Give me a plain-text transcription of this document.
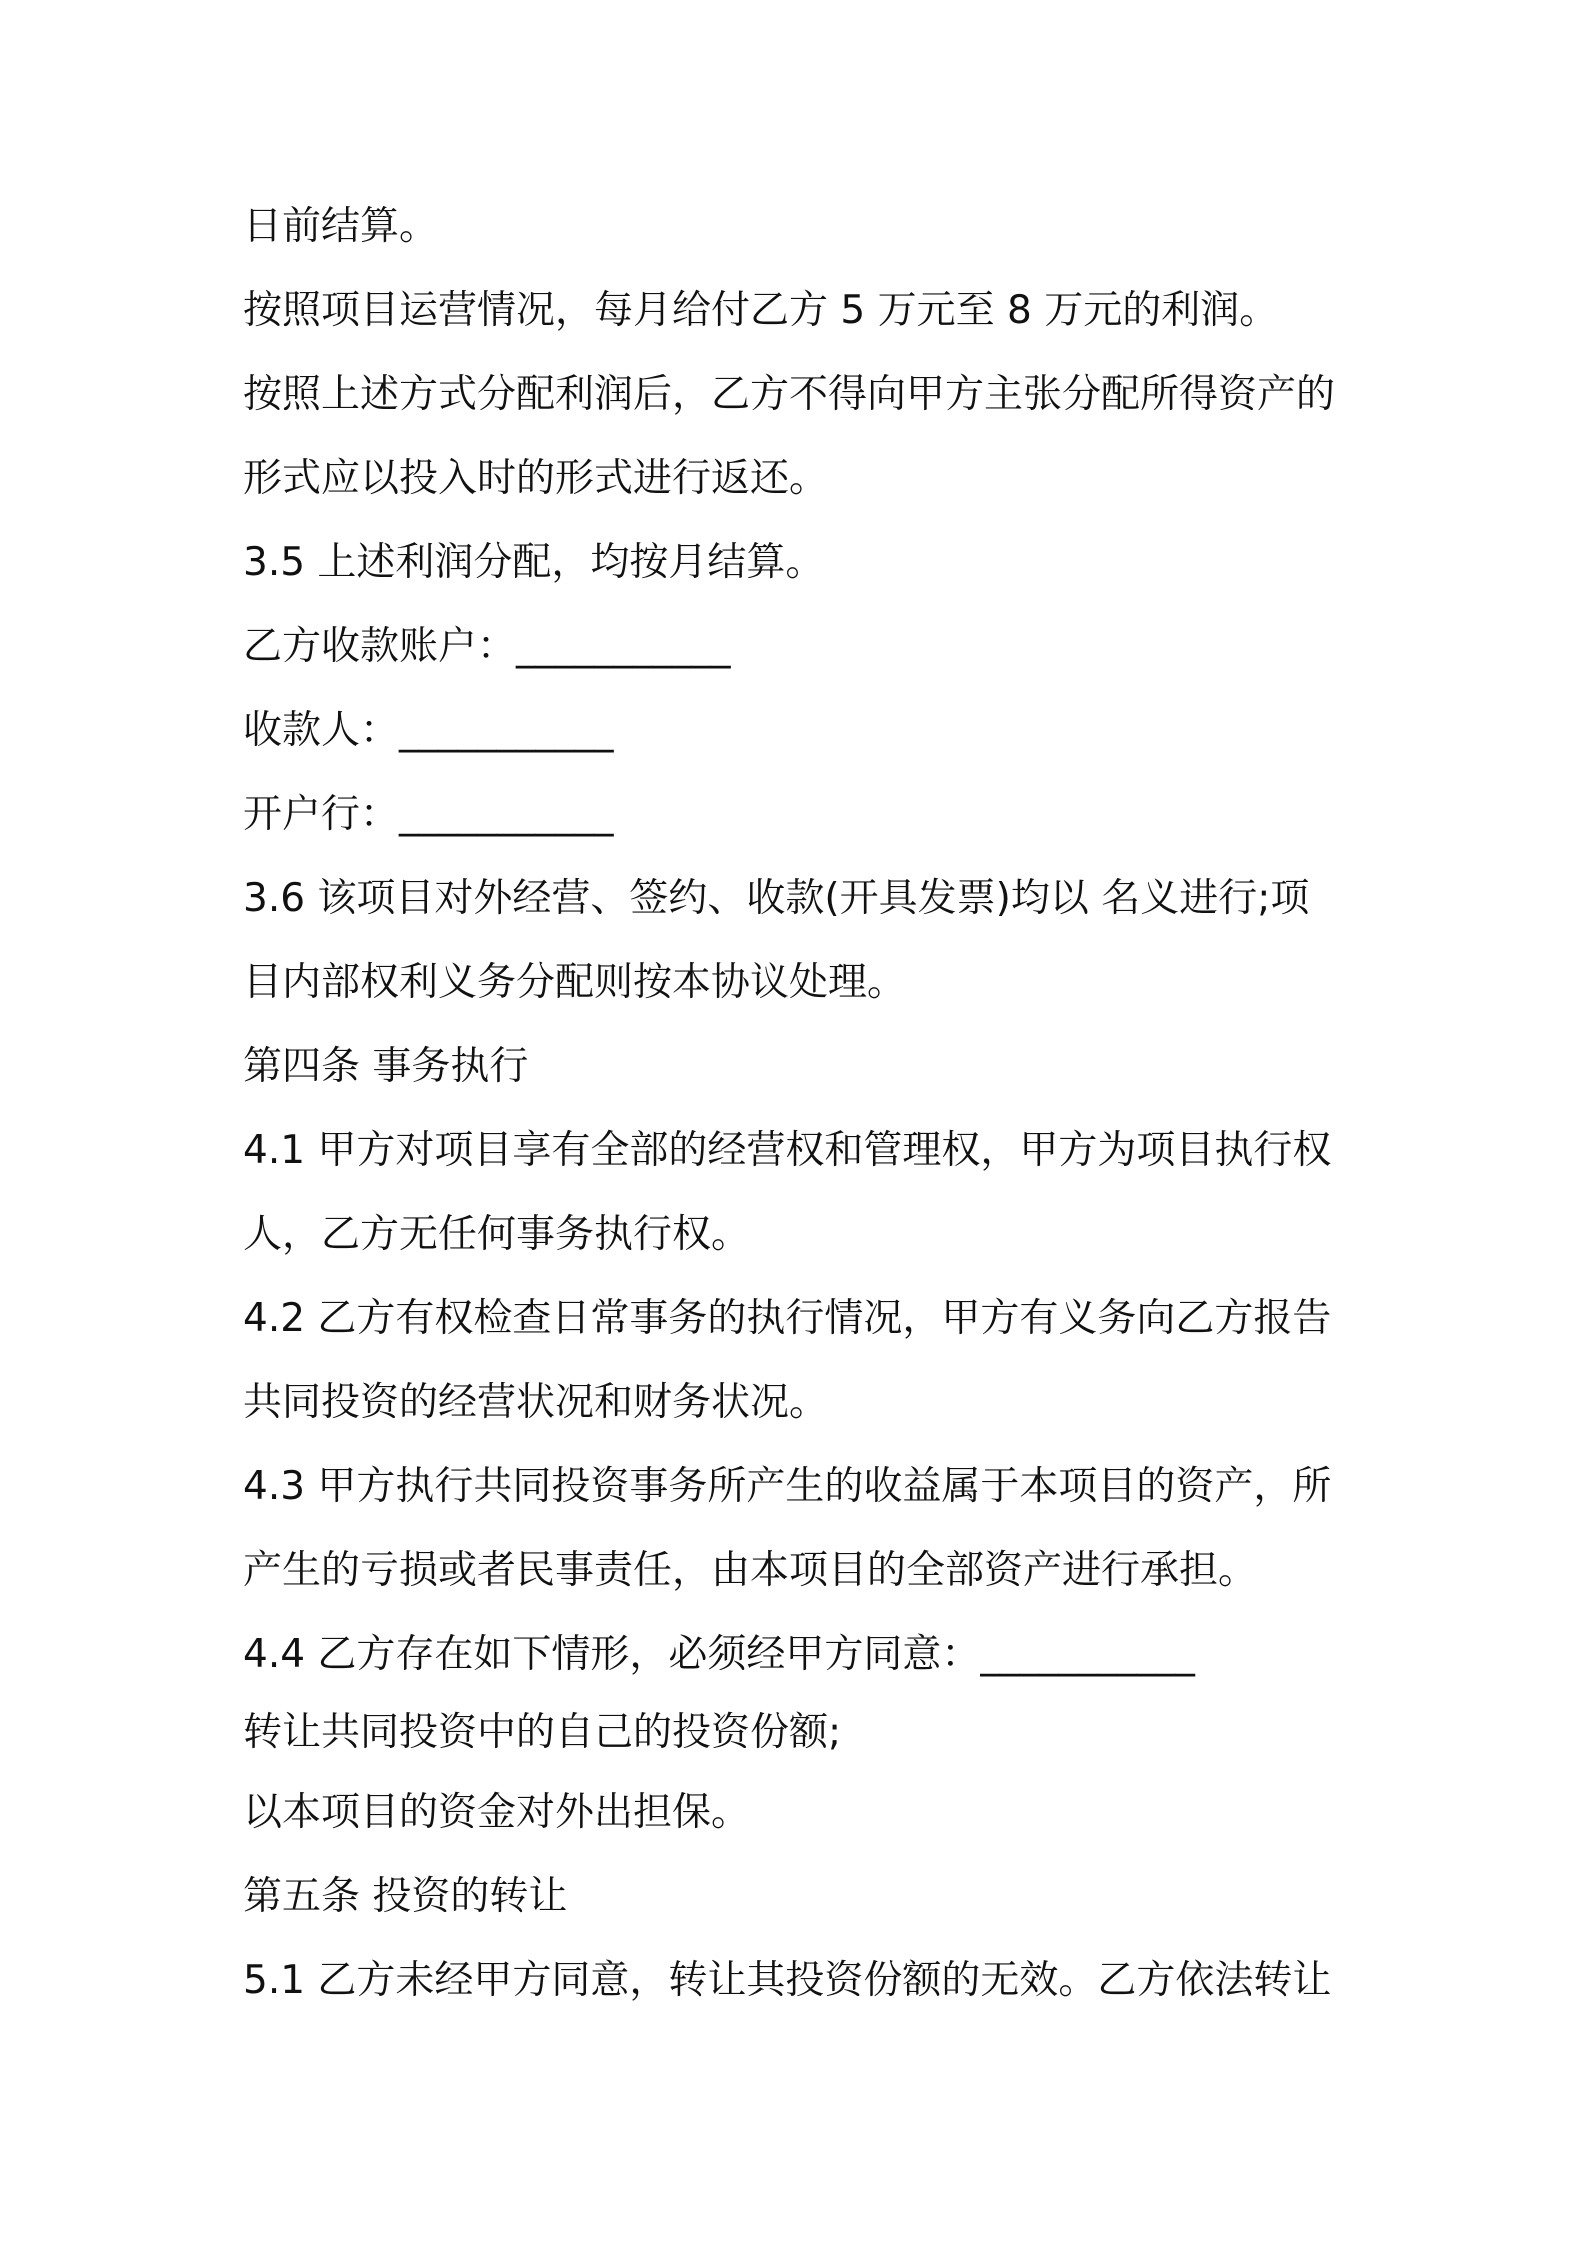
日前结算。
按照项目运营情况，每月给付乙方 5 万元至 8 万元的利润。
按照上述方式分配利润后，乙方不得向甲方主张分配所得资产的
形式应以投入时的形式进行返还。
3.5 上述利润分配，均按月结算。
乙方收款账户：___________
收款人：___________
开户行：___________
3.6 该项目对外经营、签约、收款(开具发票)均以 名义进行;项
目内部权利义务分配则按本协议处理。
第四条 事务执行
4.1 甲方对项目享有全部的经营权和管理权，甲方为项目执行权
人，乙方无任何事务执行权。
4.2 乙方有权检查日常事务的执行情况，甲方有义务向乙方报告
共同投资的经营状况和财务状况。
4.3 甲方执行共同投资事务所产生的收益属于本项目的资产，所
产生的亏损或者民事责任，由本项目的全部资产进行承担。
4.4 乙方存在如下情形，必须经甲方同意：___________
转让共同投资中的自己的投资份额;
以本项目的资金对外出担保。
第五条 投资的转让
5.1 乙方未经甲方同意，转让其投资份额的无效。乙方依法转让
